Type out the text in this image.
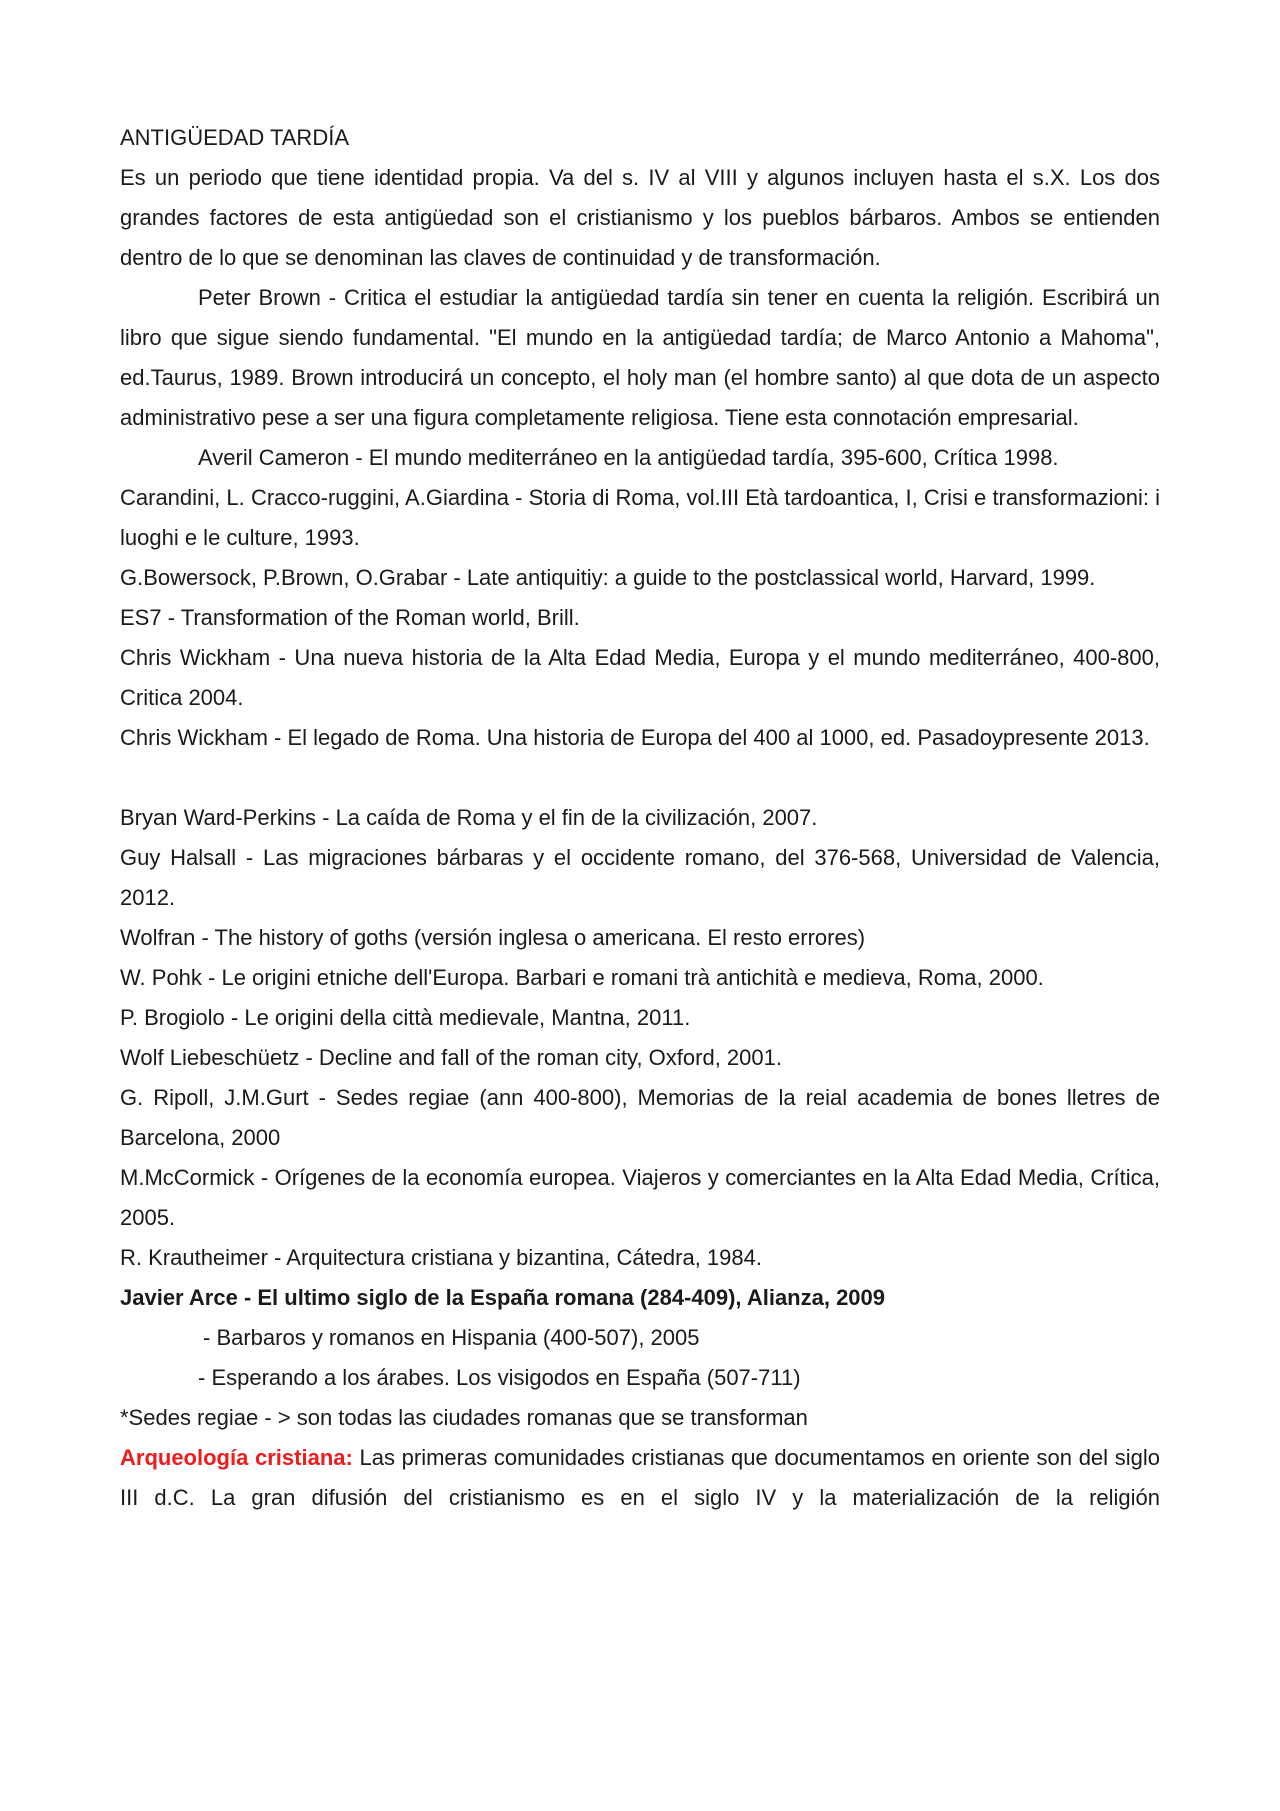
ANTIGÜEDAD TARDÍA

Es un periodo que tiene identidad propia. Va del s. IV al VIII y algunos incluyen hasta el s.X. Los dos grandes factores de esta antigüedad son el cristianismo y los pueblos bárbaros. Ambos se entienden dentro de lo que se denominan las claves de continuidad y de transformación.

Peter Brown - Critica el estudiar la antigüedad tardía sin tener en cuenta la religión. Escribirá un libro que sigue siendo fundamental. "El mundo en la antigüedad tardía; de Marco Antonio a Mahoma", ed.Taurus, 1989. Brown introducirá un concepto, el holy man (el hombre santo) al que dota de un aspecto administrativo pese a ser una figura completamente religiosa. Tiene esta connotación empresarial.

Averil Cameron - El mundo mediterráneo en la antigüedad tardía, 395-600, Crítica 1998.

Carandini, L. Cracco-ruggini, A.Giardina - Storia di Roma, vol.III Età tardoantica, I, Crisi e transformazioni: i luoghi e le culture, 1993.

G.Bowersock, P.Brown, O.Grabar - Late antiquitiy: a guide to the postclassical world, Harvard, 1999.

ES7 - Transformation of the Roman world, Brill.

Chris Wickham - Una nueva historia de la Alta Edad Media, Europa y el mundo mediterráneo, 400-800, Critica 2004.

Chris Wickham - El legado de Roma. Una historia de Europa del 400 al 1000, ed. Pasadoypresente 2013.

Bryan Ward-Perkins - La caída de Roma y el fin de la civilización, 2007.

Guy Halsall - Las migraciones bárbaras y el occidente romano, del 376-568, Universidad de Valencia, 2012.

Wolfran - The history of goths (versión inglesa o americana. El resto errores)

W. Pohk - Le origini etniche dell'Europa. Barbari e romani trà antichità e medieva, Roma, 2000.

P. Brogiolo - Le origini della città medievale, Mantna, 2011.

Wolf Liebeschüetz - Decline and fall of the roman city, Oxford, 2001.

G. Ripoll, J.M.Gurt - Sedes regiae (ann 400-800), Memorias de la reial academia de bones lletres de Barcelona, 2000

M.McCormick - Orígenes de la economía europea. Viajeros y comerciantes en la Alta Edad Media, Crítica, 2005.

R. Krautheimer - Arquitectura cristiana y bizantina, Cátedra, 1984.

Javier Arce - El ultimo siglo de la España romana (284-409), Alianza, 2009

- Barbaros y romanos en Hispania (400-507), 2005

- Esperando a los árabes. Los visigodos en España (507-711)

*Sedes regiae - > son todas las ciudades romanas que se transforman

Arqueología cristiana: Las primeras comunidades cristianas que documentamos en oriente son del siglo III d.C. La gran difusión del cristianismo es en el siglo IV y la materialización de la religión
